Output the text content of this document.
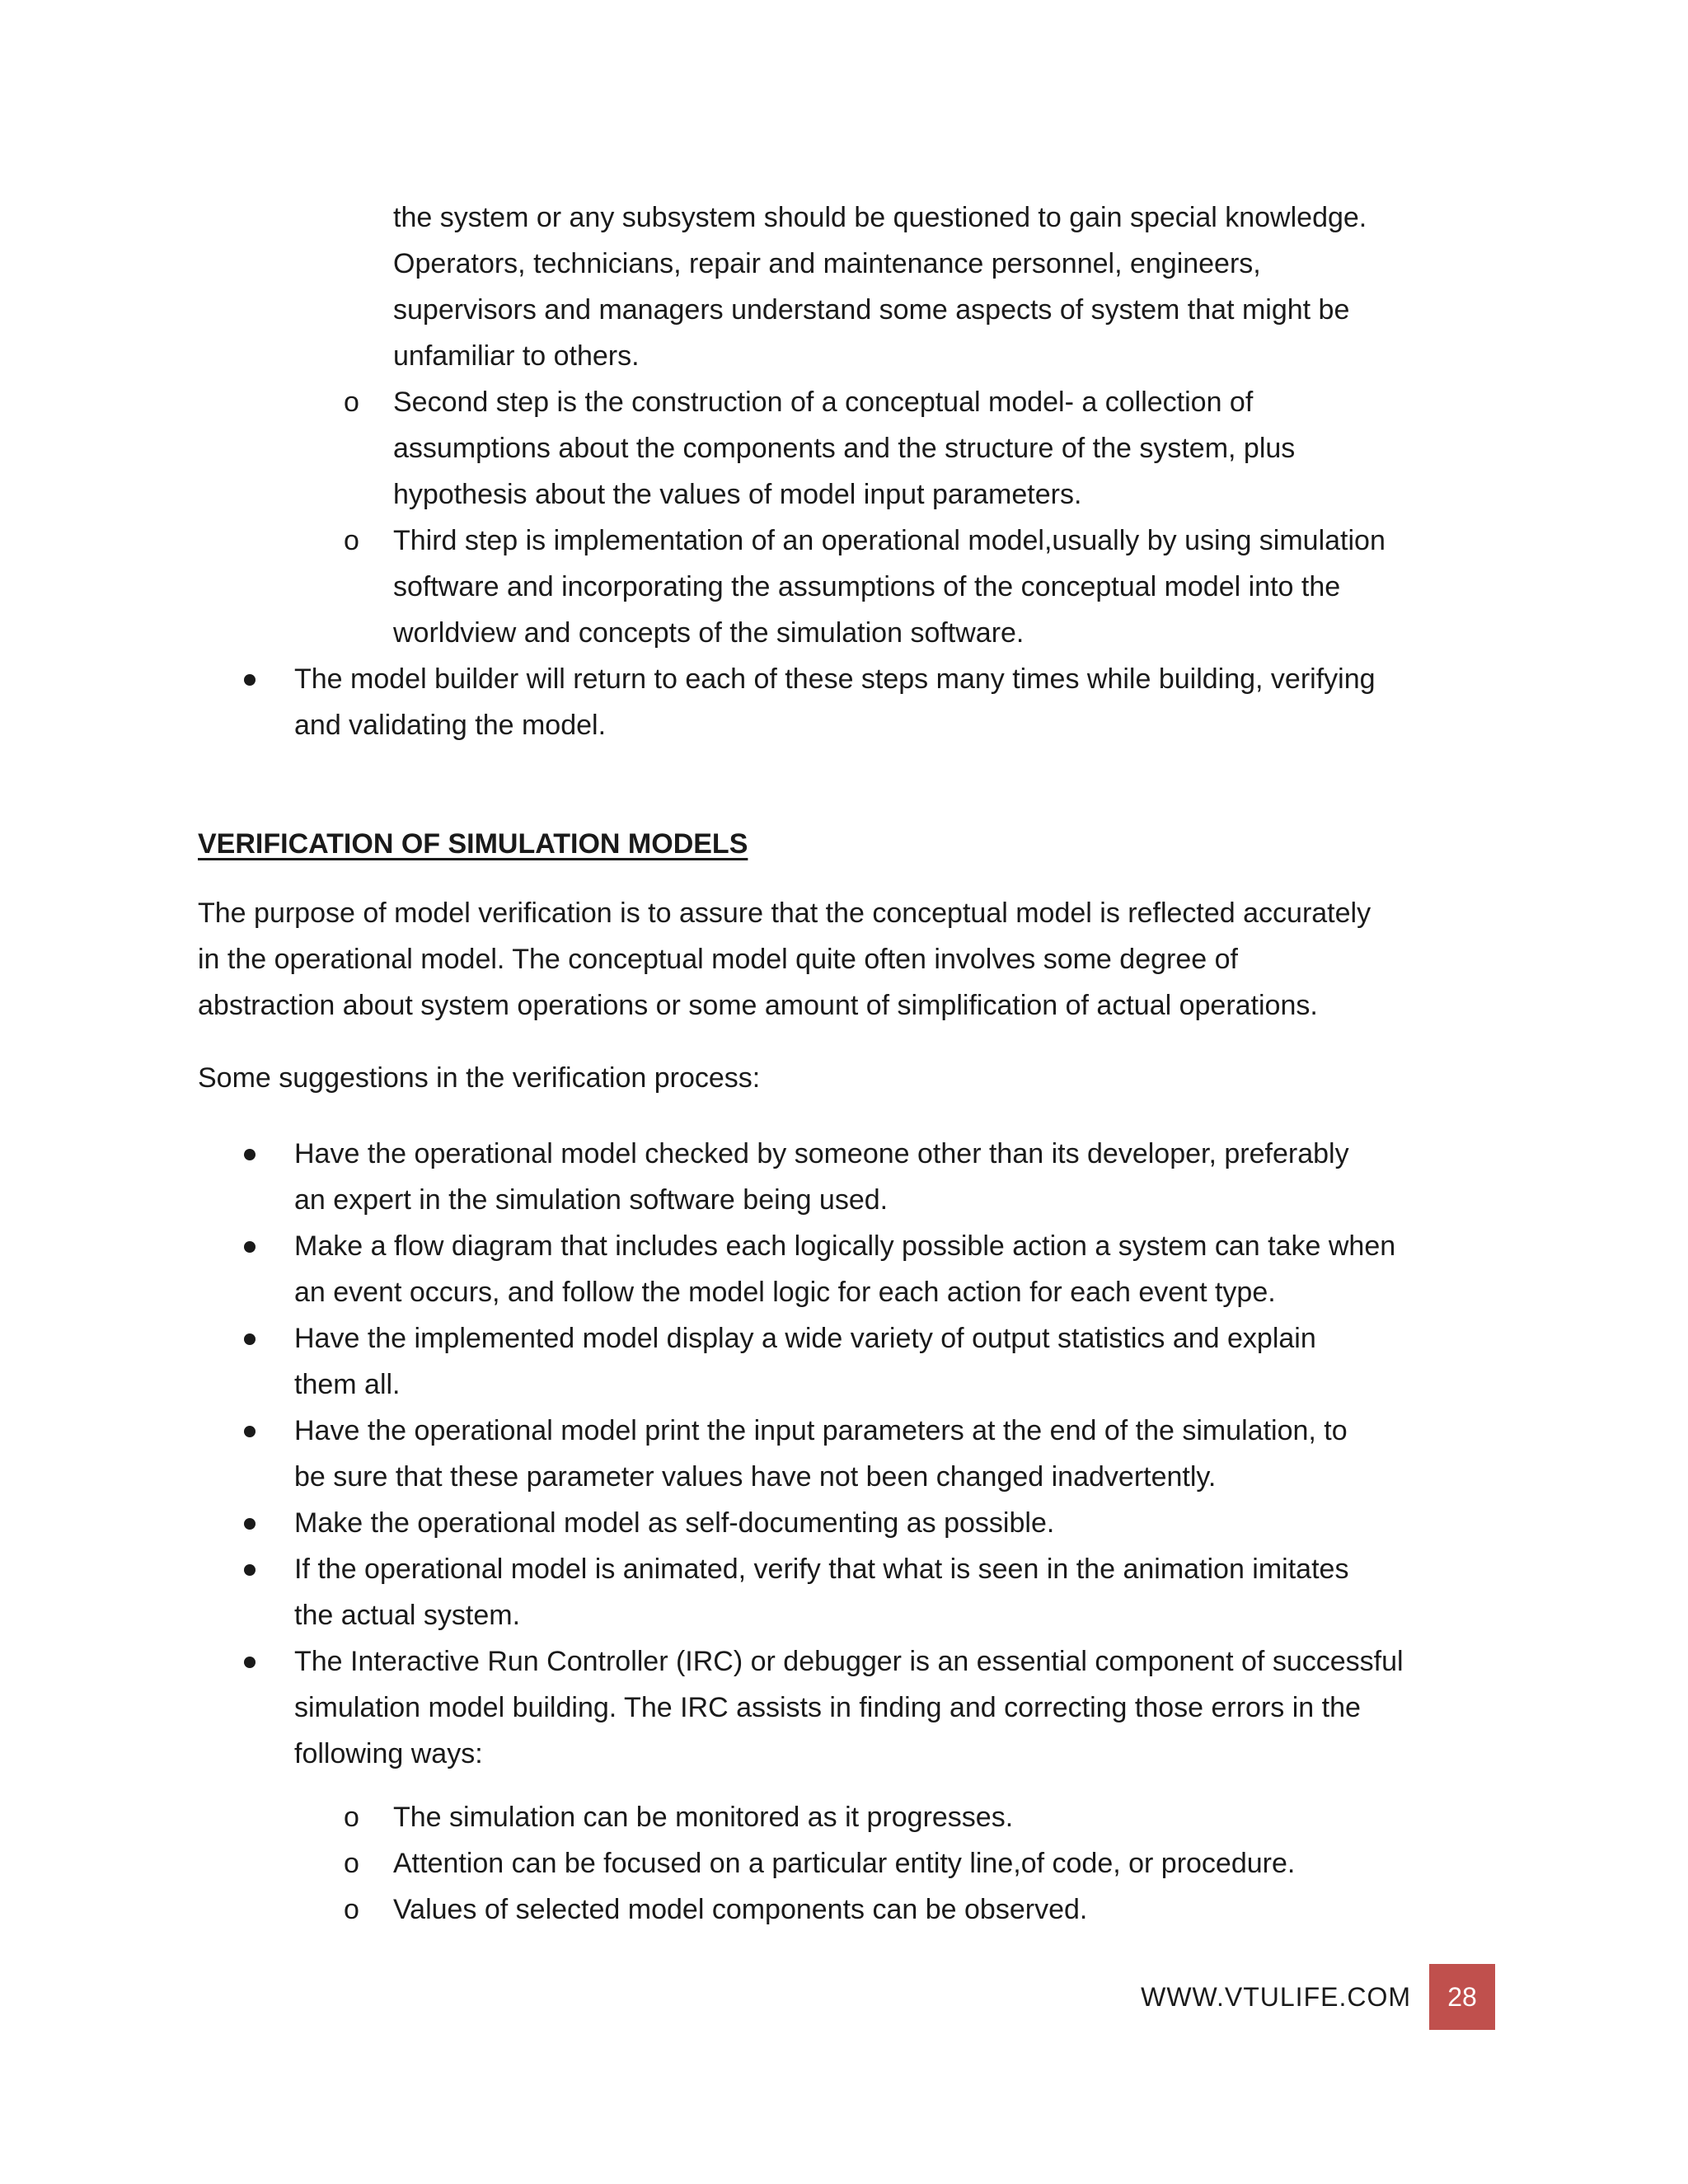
the system or any subsystem should be questioned to gain special knowledge.
Operators, technicians, repair and maintenance personnel, engineers,
supervisors and managers understand some aspects of system that might be
unfamiliar to others.
o Second step is the construction of a conceptual model- a collection of
assumptions about the components and the structure of the system, plus
hypothesis about the values of model input parameters.
o Third step is implementation of an operational model,usually by using simulation
software and incorporating the assumptions of the conceptual model into the
worldview and concepts of the simulation software.
The model builder will return to each of these steps many times while building, verifying
and validating the model.
VERIFICATION OF SIMULATION MODELS
The purpose of model verification is to assure that the conceptual model is reflected accurately
in the operational model. The conceptual model quite often involves some degree of
abstraction about system operations or some amount of simplification of actual operations.
Some suggestions in the verification process:
Have the operational model checked by someone other than its developer, preferably
an expert in the simulation software being used.
Make a flow diagram that includes each logically possible action a system can take when
an event occurs, and follow the model logic for each action for each event type.
Have the implemented model display a wide variety of output statistics and explain
them all.
Have the operational model print the input parameters at the end of the simulation, to
be sure that these parameter values have not been changed inadvertently.
Make the operational model as self-documenting as possible.
If the operational model is animated, verify that what is seen in the animation imitates
the actual system.
The Interactive Run Controller (IRC) or debugger is an essential component of successful
simulation model building. The IRC assists in finding and correcting those errors in the
following ways:
o The simulation can be monitored as it progresses.
o Attention can be focused on a particular entity line,of code, or procedure.
o Values of selected model components can be observed.
WWW.VTULIFE.COM	28
